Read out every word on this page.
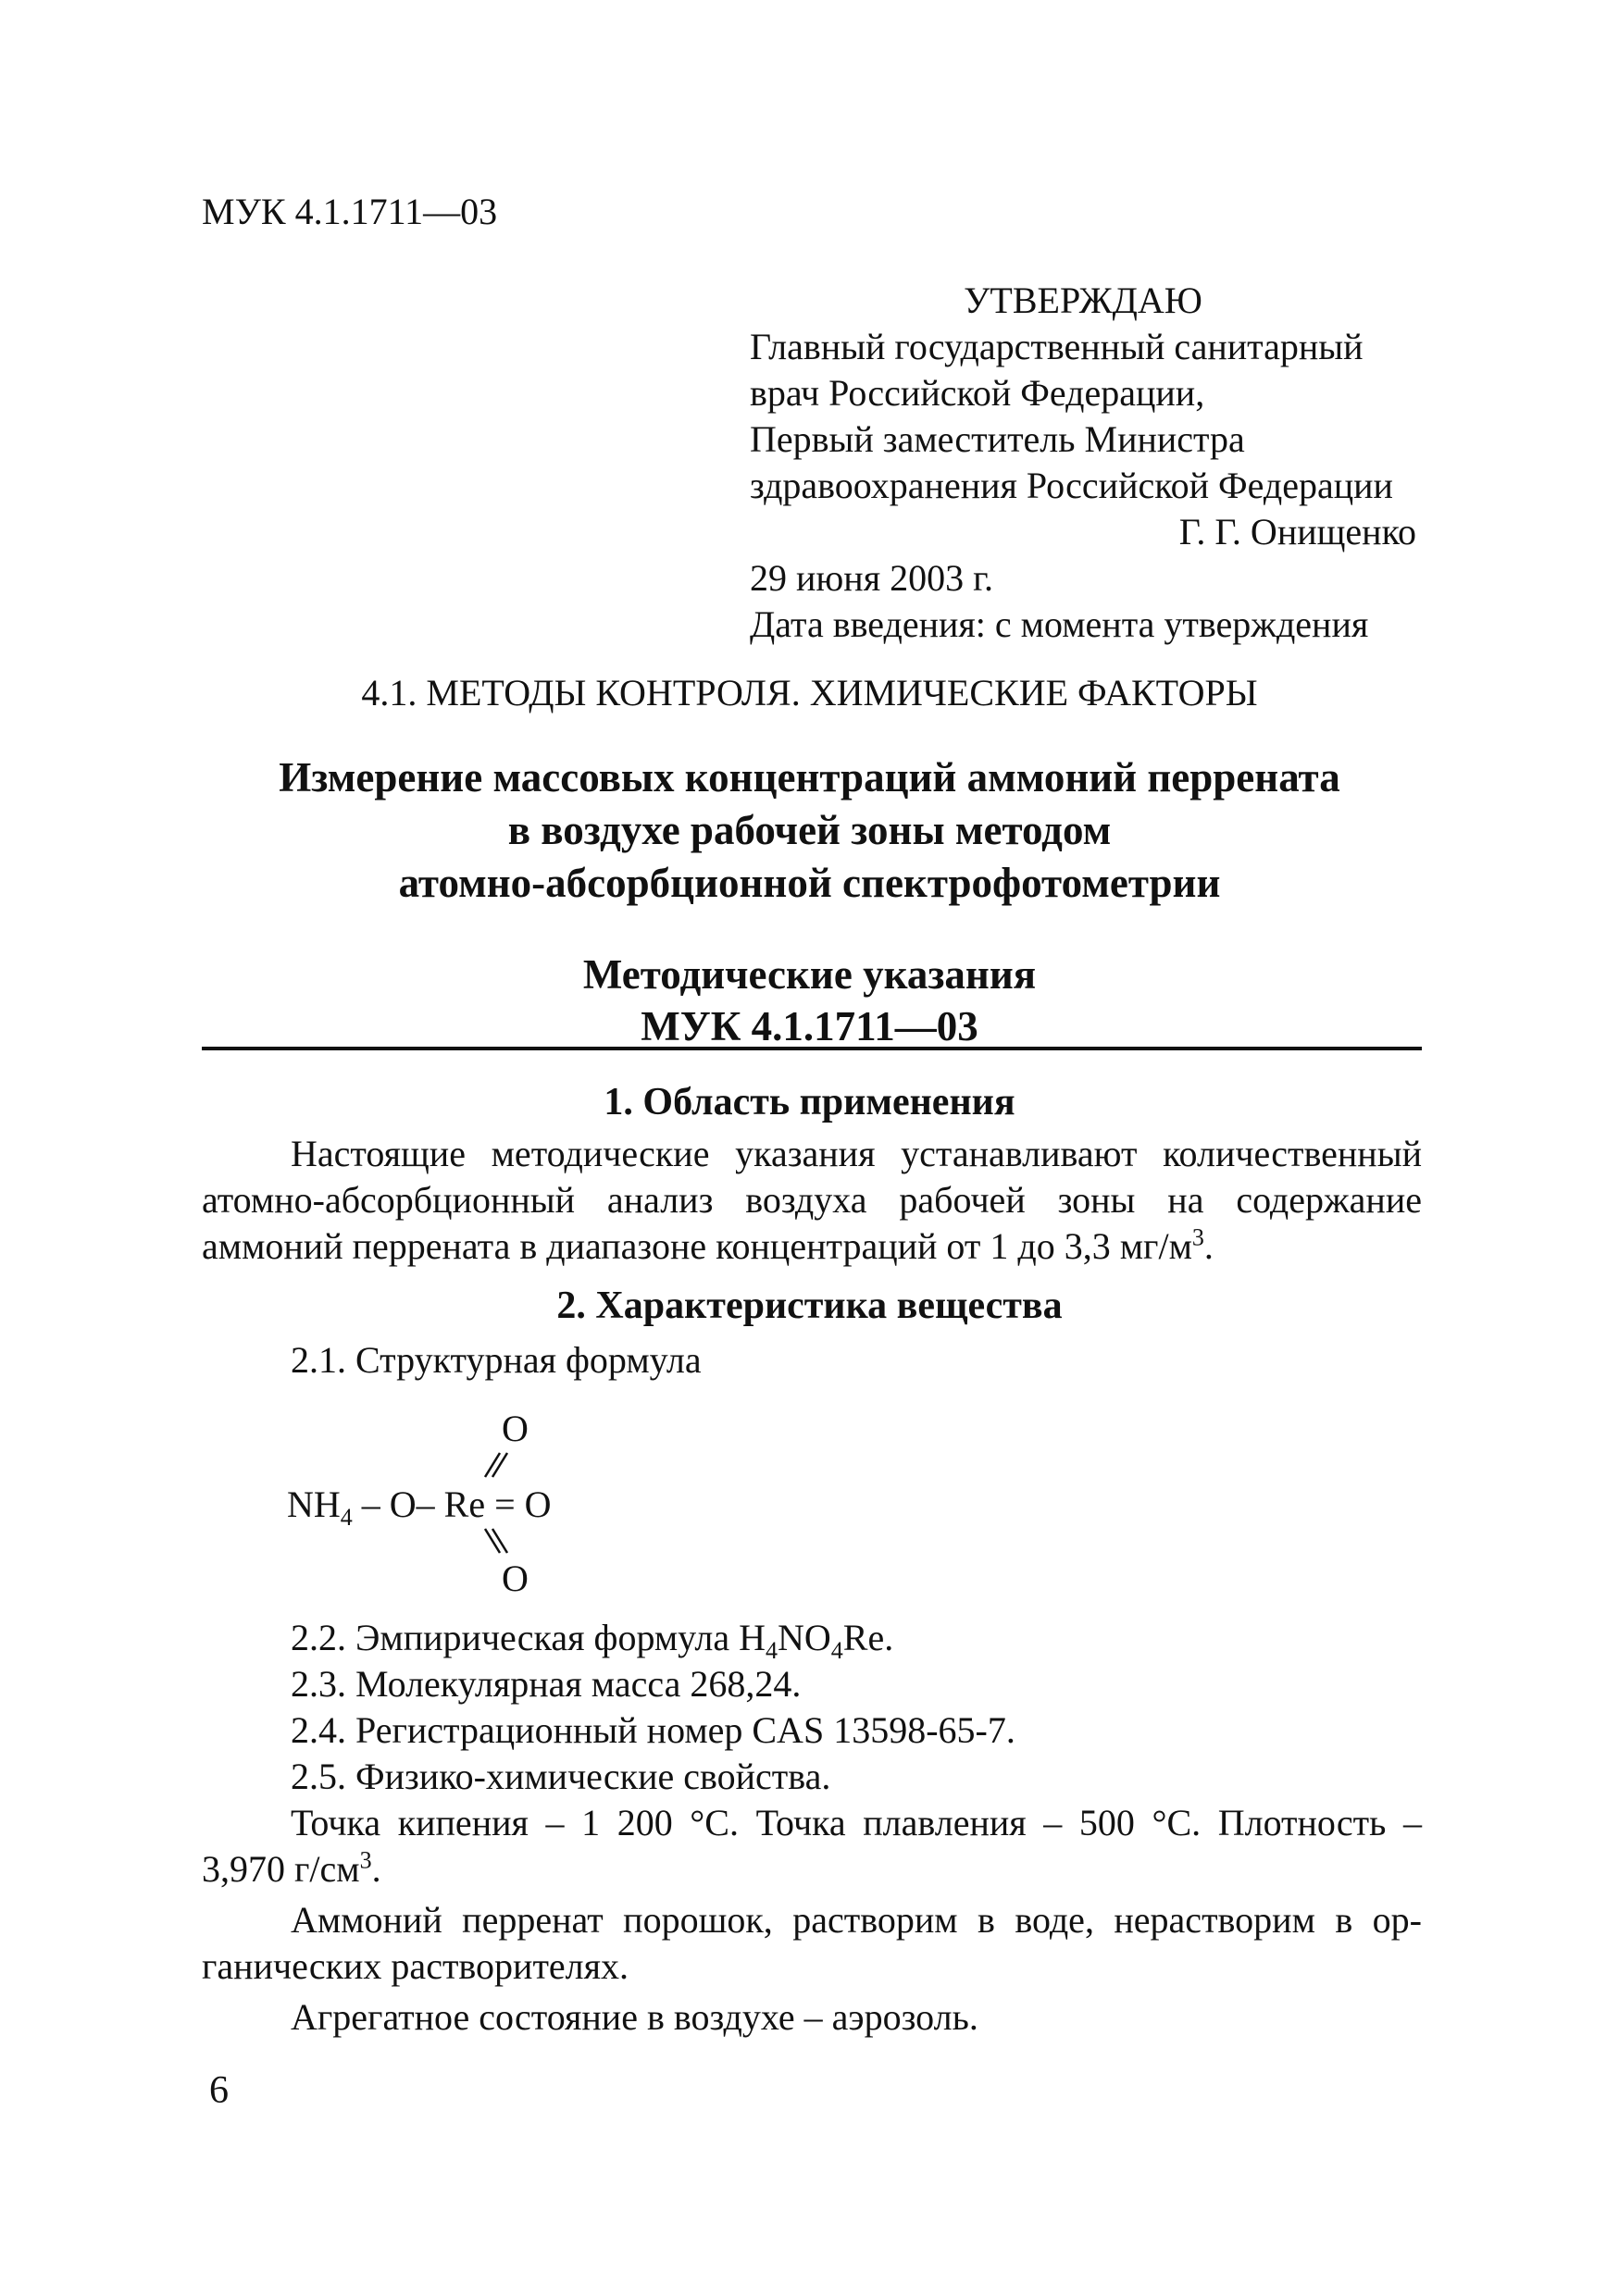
МУК 4.1.1711—03
УТВЕРЖДАЮ
Главный государственный санитарный
врач Российской Федерации,
Первый заместитель Министра
здравоохранения Российской Федерации
Г. Г. Онищенко
29 июня 2003 г.
Дата введения: с момента утверждения
4.1. МЕТОДЫ КОНТРОЛЯ. ХИМИЧЕСКИЕ ФАКТОРЫ
Измерение массовых концентраций аммоний перрената
в воздухе рабочей зоны методом
атомно-абсорбционной спектрофотометрии
Методические указания
МУК 4.1.1711—03
1. Область применения
Настоящие методические указания устанавливают количественный
атомно-абсорбционный анализ воздуха рабочей зоны на содержание
аммоний перрената в диапазоне концентраций от 1 до 3,3 $мг/м^3$.
2. Характеристика вещества
2.1. Структурная формула
O
$NH_4 - O-$ Re = O
O
2.2. Эмпирическая формула $H_4NO_4Re$.
2.3. Молекулярная масса 268,24.
2.4. Регистрационный номер CAS 13598-65-7.
2.5. Физико-химические свойства.
Точка кипения – 1 200 °С. Точка плавления – 500 °С. Плотность –
3,970 $г/см^3$.
Аммоний перренат порошок, растворим в воде, нерастворим в ор-
ганических растворителях.
Агрегатное состояние в воздухе – аэрозоль.
6
